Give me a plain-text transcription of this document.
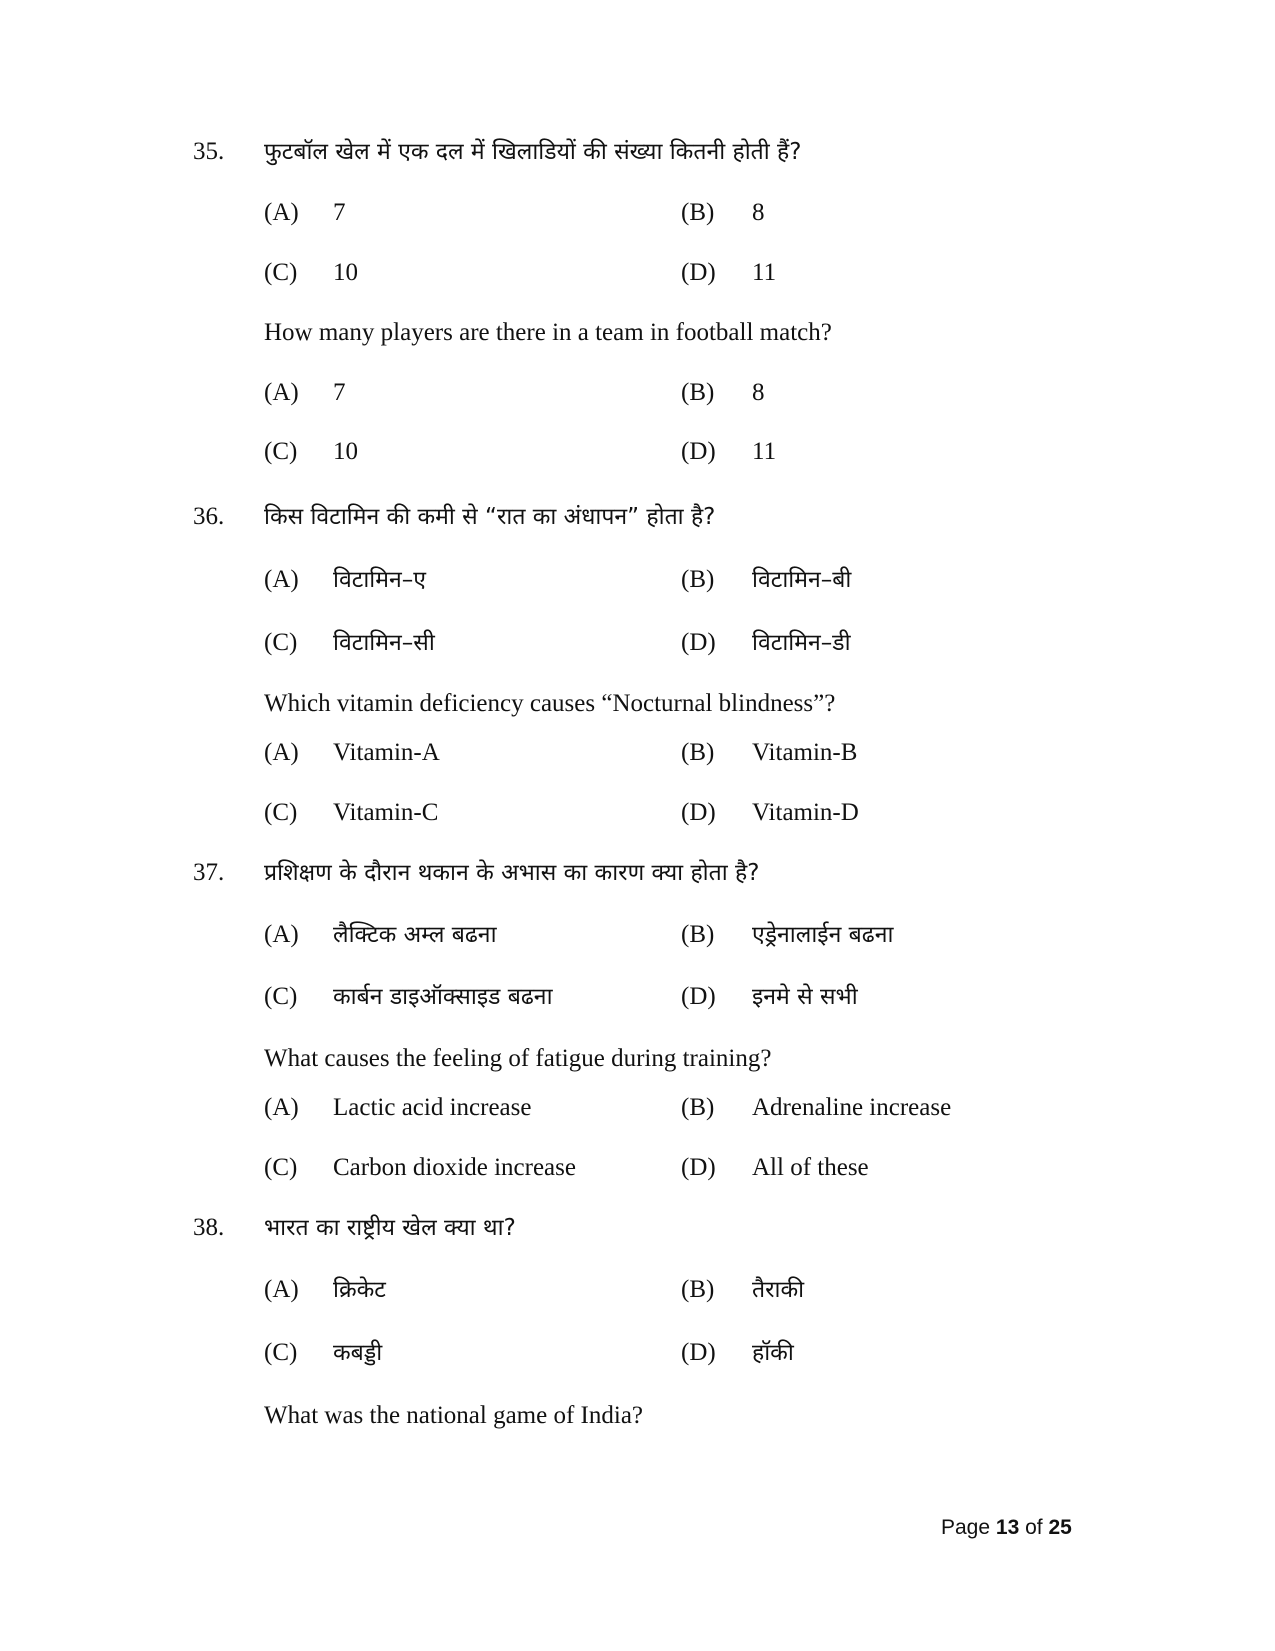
35. फुटबॉल खेल में एक दल में खिलाडियों की संख्या कितनी होती हैं?
(A) 7	(B) 8
(C) 10	(D) 11
How many players are there in a team in football match?
(A) 7	(B) 8
(C) 10	(D) 11
36. किस विटामिन की कमी से “रात का अंधापन” होता है?
(A) विटामिन–ए	(B) विटामिन–बी
(C) विटामिन–सी	(D) विटामिन–डी
Which vitamin deficiency causes “Nocturnal blindness”?
(A) Vitamin-A	(B) Vitamin-B
(C) Vitamin-C	(D) Vitamin-D
37. प्रशिक्षण के दौरान थकान के अभास का कारण क्या होता है?
(A) लैक्टिक अम्ल बढना	(B) एड्रेनालाईन बढना
(C) कार्बन डाइऑक्साइड बढना	(D) इनमे से सभी
What causes the feeling of fatigue during training?
(A) Lactic acid increase	(B) Adrenaline increase
(C) Carbon dioxide increase	(D) All of these
38. भारत का राष्ट्रीय खेल क्या था?
(A) क्रिकेट	(B) तैराकी
(C) कबड्डी	(D) हॉकी
What was the national game of India?
Page 13 of 25
